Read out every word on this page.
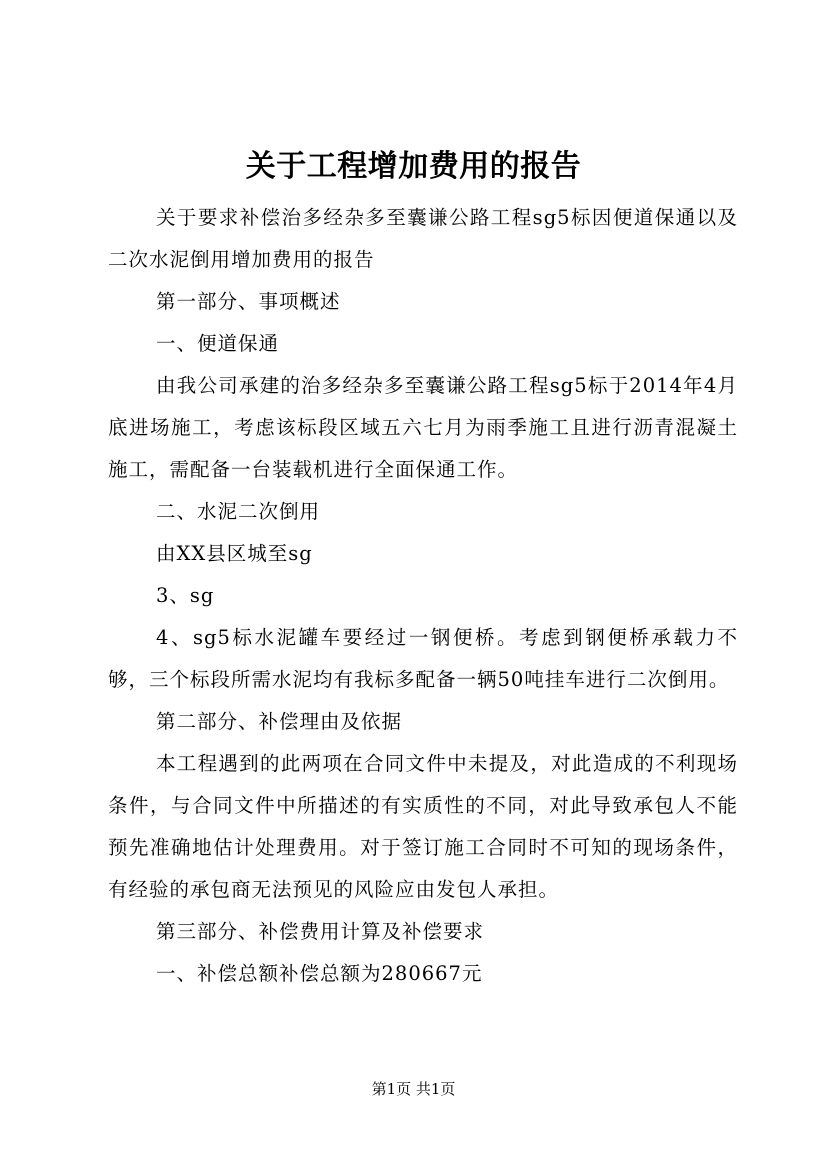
关于工程增加费用的报告

关于要求补偿治多经杂多至囊谦公路工程sg5标因便道保通以及二次水泥倒用增加费用的报告

第一部分、事项概述

一、便道保通

由我公司承建的治多经杂多至囊谦公路工程sg5标于2014年4月底进场施工，考虑该标段区域五六七月为雨季施工且进行沥青混凝土施工，需配备一台装载机进行全面保通工作。

二、水泥二次倒用

由XX县区城至sg

3、sg

4、sg5标水泥罐车要经过一钢便桥。考虑到钢便桥承载力不够，三个标段所需水泥均有我标多配备一辆50吨挂车进行二次倒用。

第二部分、补偿理由及依据

本工程遇到的此两项在合同文件中未提及，对此造成的不利现场条件，与合同文件中所描述的有实质性的不同，对此导致承包人不能预先准确地估计处理费用。对于签订施工合同时不可知的现场条件，有经验的承包商无法预见的风险应由发包人承担。

第三部分、补偿费用计算及补偿要求

一、补偿总额补偿总额为280667元

第1页 共1页
